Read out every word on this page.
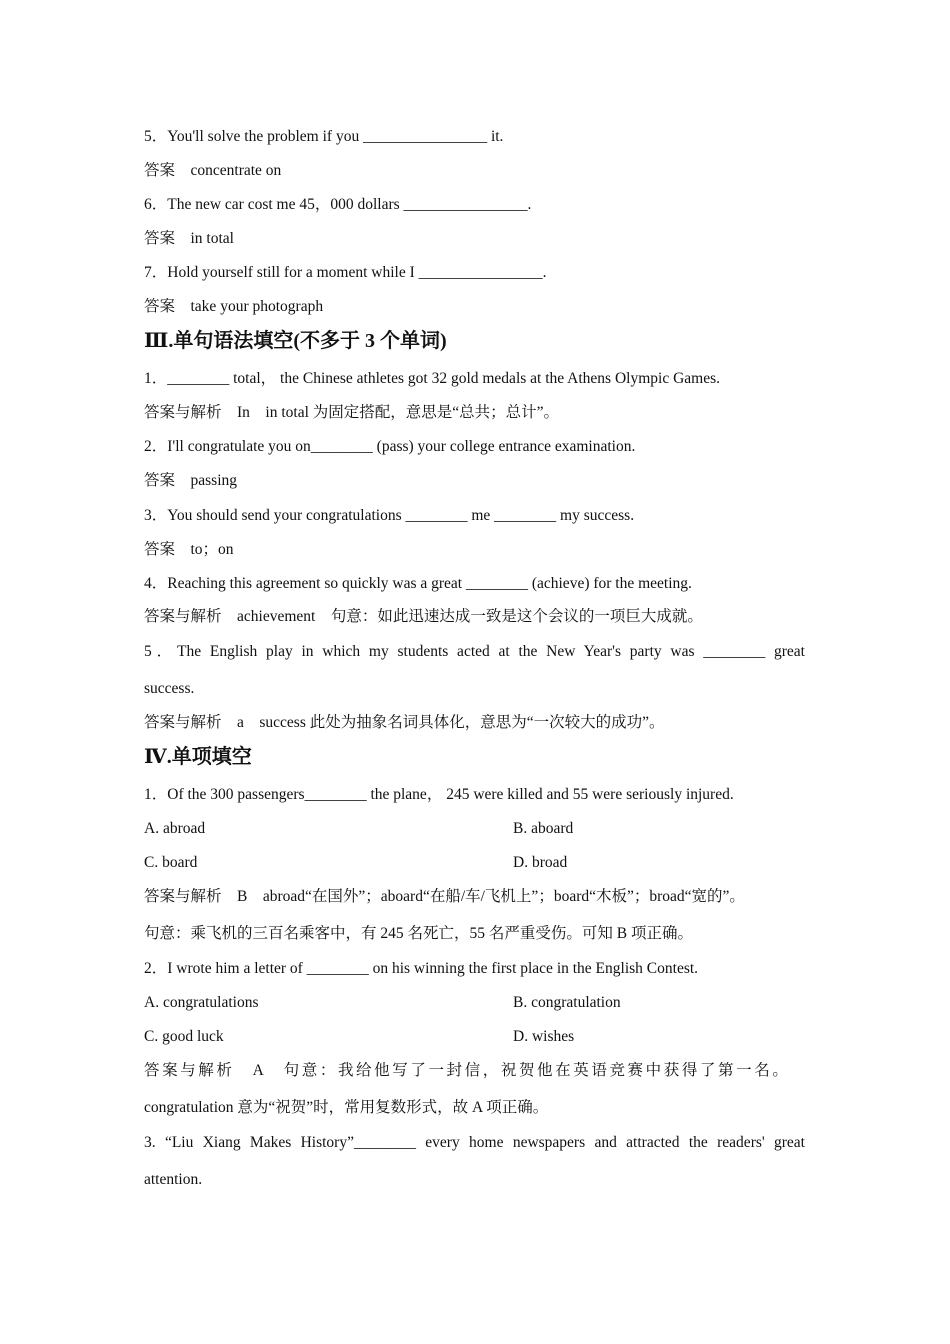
5．You'll solve the problem if you ________________ it.
答案　concentrate on
6．The new car cost me 45，000 dollars ________________.
答案　in total
7．Hold yourself still for a moment while I ________________.
答案　take your photograph
Ⅲ.单句语法填空(不多于 3 个单词)
1．________ total， the Chinese athletes got 32 gold medals at the Athens Olympic Games.
答案与解析　In　in total 为固定搭配，意思是“总共；总计”。
2．I'll congratulate you on________ (pass) your college entrance examination.
答案　passing
3．You should send your congratulations ________ me ________ my success.
答案　to；on
4．Reaching this agreement so quickly was a great ________ (achieve) for the meeting.
答案与解析　achievement　句意：如此迅速达成一致是这个会议的一项巨大成就。
5．The English play in which my students acted at the New Year's party was ________ great
success.
答案与解析　a　success 此处为抽象名词具体化，意思为“一次较大的成功”。
Ⅳ.单项填空
1．Of the 300 passengers________ the plane， 245 were killed and 55 were seriously injured.
A. abroad	B. aboard
C. board	D. broad
答案与解析　B　abroad“在国外”；aboard“在船/车/飞机上”；board“木板”；broad“宽的”。
句意：乘飞机的三百名乘客中，有 245 名死亡，55 名严重受伤。可知 B 项正确。
2．I wrote him a letter of ________ on his winning the first place in the English Contest.
A. congratulations	B. congratulation
C. good luck	D. wishes
答案与解析　A　句意：我给他写了一封信，祝贺他在英语竞赛中获得了第一名。
congratulation 意为“祝贺”时，常用复数形式，故 A 项正确。
3. “Liu Xiang Makes History”________ every home newspapers and attracted the readers' great
attention.
